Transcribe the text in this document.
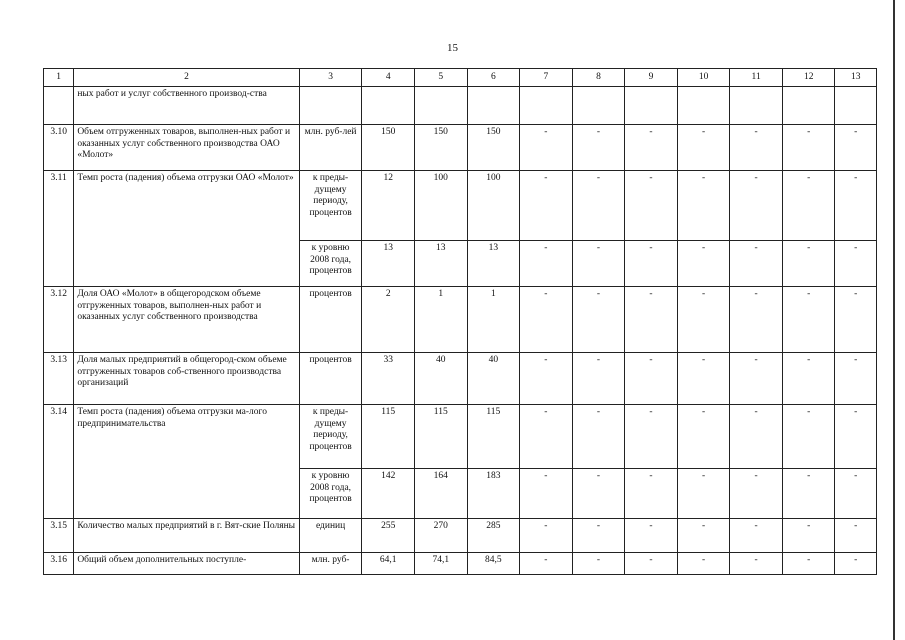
15
1	2	3	4	5	6	7	8	9	10	11	12	13
	ных работ и услуг собственного производ-ства											
3.10	Объем отгруженных товаров, выполнен-ных работ и оказанных услуг собственного производства ОАО «Молот»	млн. руб-лей	150	150	150	-	-	-	-	-	-	-
3.11	Темп роста (падения) объема отгрузки ОАО «Молот»	к преды-дущему периоду, процентов	12	100	100	-	-	-	-	-	-	-
		к уровню 2008 года, процентов	13	13	13	-	-	-	-	-	-	-
3.12	Доля ОАО «Молот» в общегородском объеме отгруженных товаров, выполнен-ных работ и оказанных услуг собственного производства	процентов	2	1	1	-	-	-	-	-	-	-
3.13	Доля малых предприятий в общегород-ском объеме отгруженных товаров соб-ственного производства организаций	процентов	33	40	40	-	-	-	-	-	-	-
3.14	Темп роста (падения) объема отгрузки ма-лого предпринимательства	к преды-дущему периоду, процентов	115	115	115	-	-	-	-	-	-	-
		к уровню 2008 года, процентов	142	164	183	-	-	-	-	-	-	-
3.15	Количество малых предприятий в г. Вят-ские Поляны	единиц	255	270	285	-	-	-	-	-	-	-
3.16	Общий объем дополнительных поступле-	млн. руб-	64,1	74,1	84,5	-	-	-	-	-	-	-
